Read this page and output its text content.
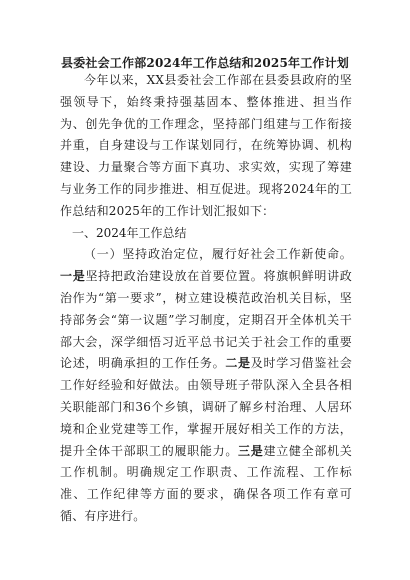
县委社会工作部2024年工作总结和2025年工作计划

今年以来，XX县委社会工作部在县委县政府的坚强领导下，始终秉持强基固本、整体推进、担当作为、创先争优的工作理念，坚持部门组建与工作衔接并重，自身建设与工作谋划同行，在统筹协调、机构建设、力量聚合等方面下真功、求实效，实现了筹建与业务工作的同步推进、相互促进。现将2024年的工作总结和2025年的工作计划汇报如下：

一、2024年工作总结

（一）坚持政治定位，履行好社会工作新使命。一是坚持把政治建设放在首要位置。将旗帜鲜明讲政治作为“第一要求”，树立建设模范政治机关目标，坚持部务会“第一议题”学习制度，定期召开全体机关干部大会，深学细悟习近平总书记关于社会工作的重要论述，明确承担的工作任务。二是及时学习借鉴社会工作好经验和好做法。由领导班子带队深入全县各相关职能部门和36个乡镇，调研了解乡村治理、人居环境和企业党建等工作，掌握开展好相关工作的方法，提升全体干部职工的履职能力。三是建立健全部机关工作机制。明确规定工作职责、工作流程、工作标准、工作纪律等方面的要求，确保各项工作有章可循、有序进行。
